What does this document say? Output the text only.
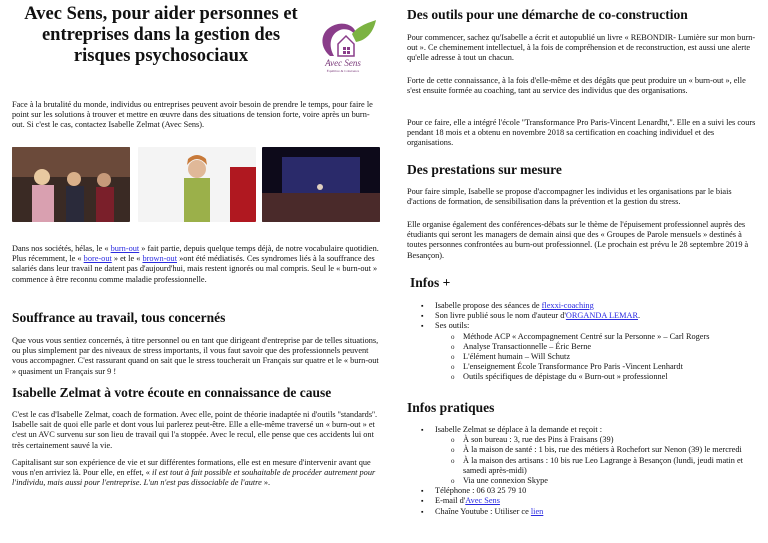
Avec Sens, pour aider personnes et entreprises dans la gestion des risques psychosociaux	Avec Sens
Équilibre & Cohérence

Face à la brutalité du monde, individus ou entreprises peuvent avoir besoin de prendre le temps, pour faire le point sur les solutions à trouver et mettre en œuvre dans des situations de tension forte, voire après un burn-out. Si c'est le cas, contactez Isabelle Zelmat (Avec Sens).

Dans nos sociétés, hélas, le « burn-out » fait partie, depuis quelque temps déjà, de notre vocabulaire quotidien. Plus récemment, le « bore-out » et le « brown-out »ont été médiatisés. Ces syndromes liés à la souffrance des salariés dans leur travail ne datent pas d'aujourd'hui, mais restent ignorés ou mal compris. Seul le « burn-out » commence à être reconnu comme maladie professionnelle.

Souffrance au travail, tous concernés

Que vous vous sentiez concernés, à titre personnel ou en tant que dirigeant d'entreprise par de telles situations, ou plus simplement par des niveaux de stress importants, il vous faut savoir que des professionnels peuvent vous accompagner. C'est rassurant quand on sait que le stress toucherait un Français sur quatre et le « burn-out » quasiment un Français sur 9 !

Isabelle Zelmat à votre écoute en connaissance de cause

C'est le cas d'Isabelle Zelmat, coach de formation. Avec elle, point de théorie inadaptée ni d'outils ''standards''. Isabelle sait de quoi elle parle et dont vous lui parlerez peut-être. Elle a elle-même traversé un « burn-out » et c'est un AVC survenu sur son lieu de travail qui l'a stoppée. Avec le recul, elle pense que ces accidents lui ont très certainement sauvé la vie.

Capitalisant sur son expérience de vie et sur différentes formations, elle est en mesure d'intervenir avant que vous n'en arriviez là. Pour elle, en effet, « il est tout à fait possible et souhaitable de procéder autrement pour l'individu, mais aussi pour l'entreprise. L'un n'est pas dissociable de l'autre ».

Des outils pour une démarche de co-construction

Pour commencer, sachez qu'Isabelle a écrit et autopublié un livre « REBONDIR- Lumière sur mon burn-out ». Ce cheminement intellectuel, à la fois de compréhension et de reconstruction, est aussi une alerte qu'elle adresse à tout un chacun.

Forte de cette connaissance, à la fois d'elle-même et des dégâts que peut produire un « burn-out », elle s'est ensuite formée au coaching, tant au service des individus que des organisations.

Pour ce faire, elle a intégré l'école ''Transformance Pro Paris-Vincent Lenardht,''. Elle en a suivi les cours pendant 18 mois et a obtenu en novembre 2018 sa certification en coaching individuel et des organisations.

Des prestations sur mesure

Pour faire simple, Isabelle se propose d'accompagner les individus et les organisations par le biais d'actions de formation, de sensibilisation dans la prévention et la gestion du stress.

Elle organise également des conférences-débats sur le thème de l'épuisement professionnel auprès des étudiants qui seront les managers de demain ainsi que des « Groupes de Parole mensuels » destinés à toutes personnes confrontées au burn-out professionnel. (Le prochain est prévu le 28 septembre 2019 à Besançon).

Infos +
▪ Isabelle propose des séances de flexxi-coaching
▪ Son livre publié sous le nom d'auteur d'ORGANDA LEMAR.
▪ Ses outils:
o Méthode ACP « Accompagnement Centré sur la Personne » – Carl Rogers
o Analyse Transactionnelle – Éric Berne
o L'élément humain – Will Schutz
o L'enseignement École Transformance Pro Paris -Vincent Lenhardt
o Outils spécifiques de dépistage du « Burn-out » professionnel
Infos pratiques
▪ Isabelle Zelmat se déplace à la demande et reçoit :
o À son bureau : 3, rue des Pins à Fraisans (39)
o À la maison de santé : 1 bis, rue des métiers à Rochefort sur Nenon (39) le mercredi
o À la maison des artisans : 10 bis rue Leo Lagrange à Besançon (lundi, jeudi matin et samedi après-midi)
o Via une connexion Skype
▪ Téléphone : 06 03 25 79 10
▪ E-mail d'Avec Sens
▪ Chaîne Youtube : Utiliser ce lien
